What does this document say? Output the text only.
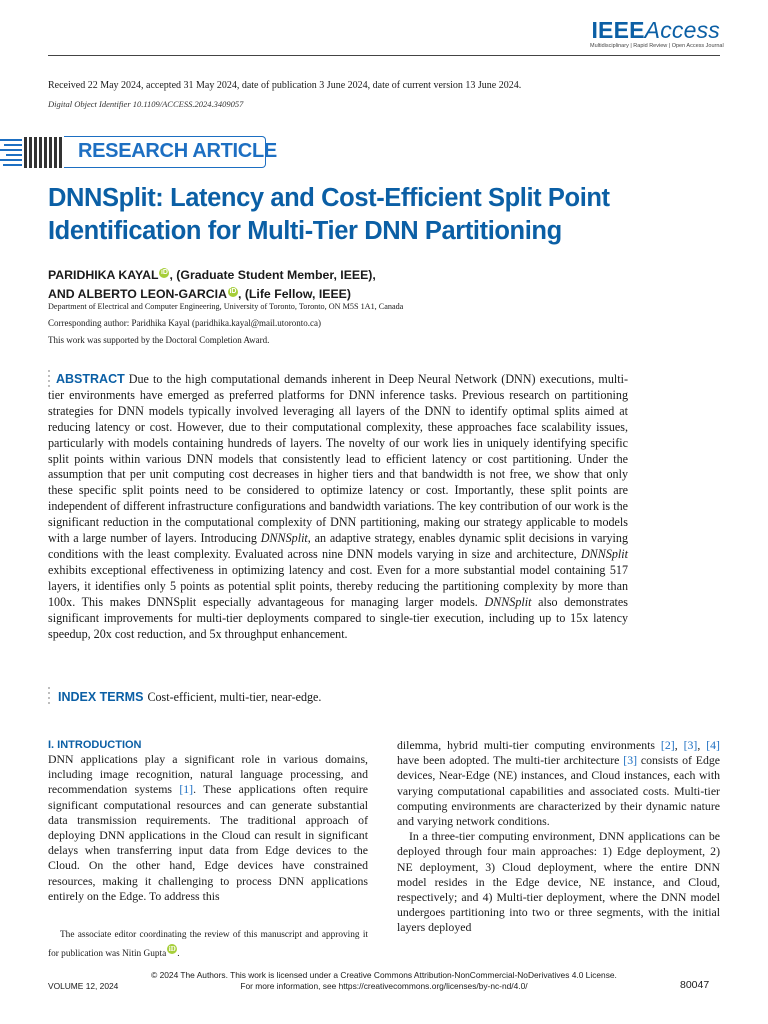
IEEEAccess
Multidisciplinary | Rapid Review | Open Access Journal
Received 22 May 2024, accepted 31 May 2024, date of publication 3 June 2024, date of current version 13 June 2024.
Digital Object Identifier 10.1109/ACCESS.2024.3409057
RESEARCH ARTICLE
DNNSplit: Latency and Cost-Efficient Split Point Identification for Multi-Tier DNN Partitioning
PARIDHIKA KAYAL iD , (Graduate Student Member, IEEE),
AND ALBERTO LEON-GARCIA iD , (Life Fellow, IEEE)
Department of Electrical and Computer Engineering, University of Toronto, Toronto, ON M5S 1A1, Canada
Corresponding author: Paridhika Kayal (paridhika.kayal@mail.utoronto.ca)
This work was supported by the Doctoral Completion Award.
ABSTRACT Due to the high computational demands inherent in Deep Neural Network (DNN) executions, multi-tier environments have emerged as preferred platforms for DNN inference tasks. Previous research on partitioning strategies for DNN models typically involved leveraging all layers of the DNN to identify optimal splits aimed at reducing latency or cost. However, due to their computational complexity, these approaches face scalability issues, particularly with models containing hundreds of layers. The novelty of our work lies in uniquely identifying specific split points within various DNN models that consistently lead to efficient latency or cost partitioning. Under the assumption that per unit computing cost decreases in higher tiers and that bandwidth is not free, we show that only these specific split points need to be considered to optimize latency or cost. Importantly, these split points are independent of different infrastructure configurations and bandwidth variations. The key contribution of our work is the significant reduction in the computational complexity of DNN partitioning, making our strategy applicable to models with a large number of layers. Introducing DNNSplit, an adaptive strategy, enables dynamic split decisions in varying conditions with the least complexity. Evaluated across nine DNN models varying in size and architecture, DNNSplit exhibits exceptional effectiveness in optimizing latency and cost. Even for a more substantial model containing 517 layers, it identifies only 5 points as potential split points, thereby reducing the partitioning complexity by more than 100x. This makes DNNSplit especially advantageous for managing larger models. DNNSplit also demonstrates significant improvements for multi-tier deployments compared to single-tier execution, including up to 15x latency speedup, 20x cost reduction, and 5x throughput enhancement.
INDEX TERMS Cost-efficient, multi-tier, near-edge.
I. INTRODUCTION
DNN applications play a significant role in various domains, including image recognition, natural language processing, and recommendation systems [1]. These applications often require significant computational resources and can generate substantial data transmission requirements. The traditional approach of deploying DNN applications in the Cloud can result in significant delays when transferring input data from Edge devices to the Cloud. On the other hand, Edge devices have constrained resources, making it challenging to process DNN applications entirely on the Edge. To address this
dilemma, hybrid multi-tier computing environments [2], [3], [4] have been adopted. The multi-tier architecture [3] consists of Edge devices, Near-Edge (NE) instances, and Cloud instances, each with varying computational capabilities and associated costs. Multi-tier computing environments are characterized by their dynamic nature and varying network conditions.
In a three-tier computing environment, DNN applications can be deployed through four main approaches: 1) Edge deployment, 2) NE deployment, 3) Cloud deployment, where the entire DNN model resides in the Edge device, NE instance, and Cloud, respectively; and 4) Multi-tier deployment, where the DNN model undergoes partitioning into two or three segments, with the initial layers deployed
The associate editor coordinating the review of this manuscript and approving it for publication was Nitin Gupta iD .
© 2024 The Authors. This work is licensed under a Creative Commons Attribution-NonCommercial-NoDerivatives 4.0 License.
For more information, see https://creativecommons.org/licenses/by-nc-nd/4.0/
VOLUME 12, 2024	80047
